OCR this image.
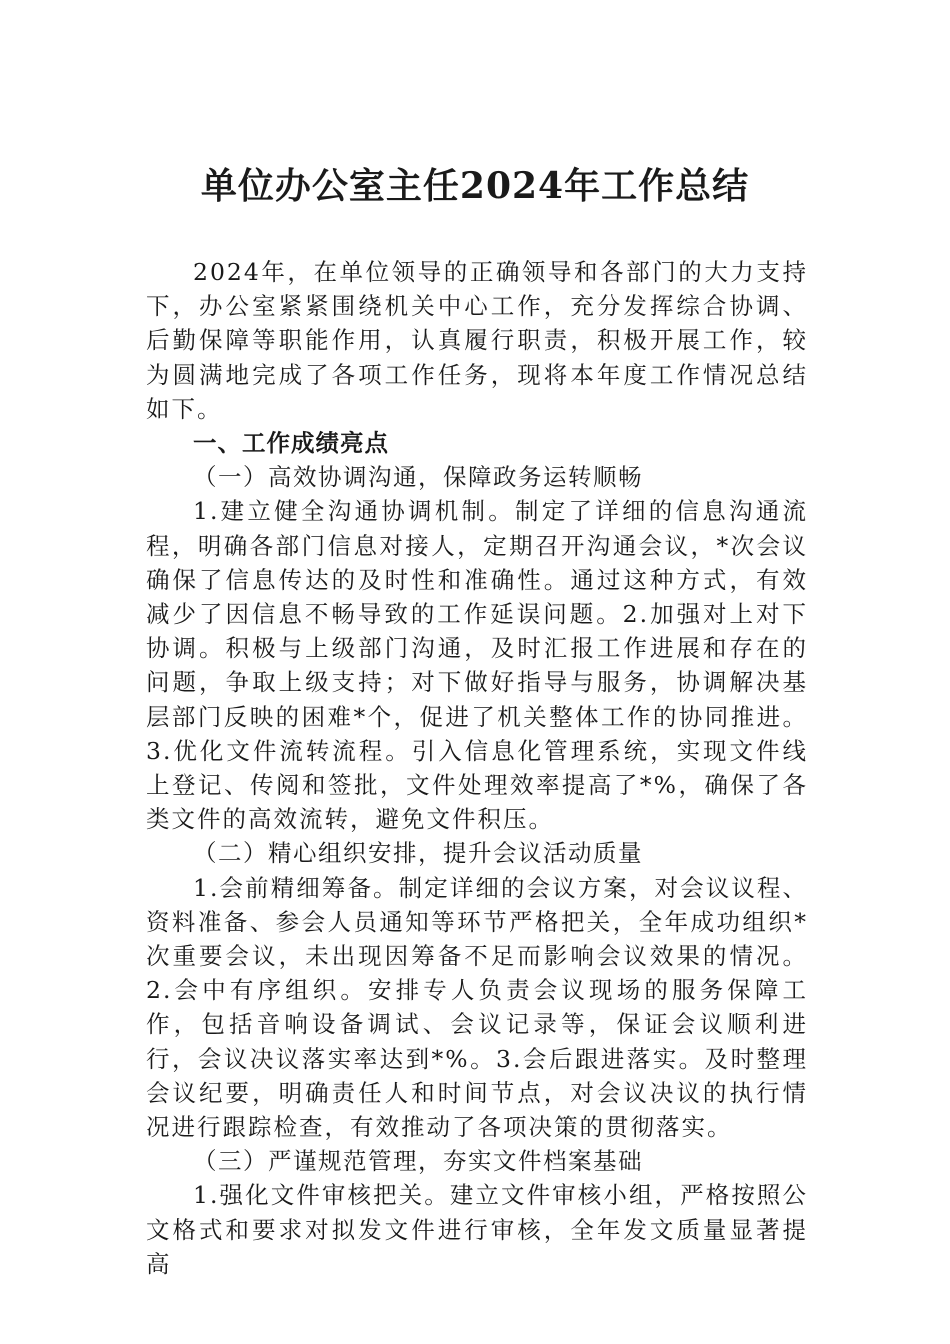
单位办公室主任2024年工作总结

2024年，在单位领导的正确领导和各部门的大力支持下，办公室紧紧围绕机关中心工作，充分发挥综合协调、后勤保障等职能作用，认真履行职责，积极开展工作，较为圆满地完成了各项工作任务，现将本年度工作情况总结如下。

一、工作成绩亮点

（一）高效协调沟通，保障政务运转顺畅

1.建立健全沟通协调机制。制定了详细的信息沟通流程，明确各部门信息对接人，定期召开沟通会议，*次会议确保了信息传达的及时性和准确性。通过这种方式，有效减少了因信息不畅导致的工作延误问题。2.加强对上对下协调。积极与上级部门沟通，及时汇报工作进展和存在的问题，争取上级支持；对下做好指导与服务，协调解决基层部门反映的困难*个，促进了机关整体工作的协同推进。3.优化文件流转流程。引入信息化管理系统，实现文件线上登记、传阅和签批，文件处理效率提高了*%，确保了各类文件的高效流转，避免文件积压。

（二）精心组织安排，提升会议活动质量

1.会前精细筹备。制定详细的会议方案，对会议议程、资料准备、参会人员通知等环节严格把关，全年成功组织*次重要会议，未出现因筹备不足而影响会议效果的情况。2.会中有序组织。安排专人负责会议现场的服务保障工作，包括音响设备调试、会议记录等，保证会议顺利进行，会议决议落实率达到*%。3.会后跟进落实。及时整理会议纪要，明确责任人和时间节点，对会议决议的执行情况进行跟踪检查，有效推动了各项决策的贯彻落实。

（三）严谨规范管理，夯实文件档案基础

1.强化文件审核把关。建立文件审核小组，严格按照公文格式和要求对拟发文件进行审核，全年发文质量显著提高
